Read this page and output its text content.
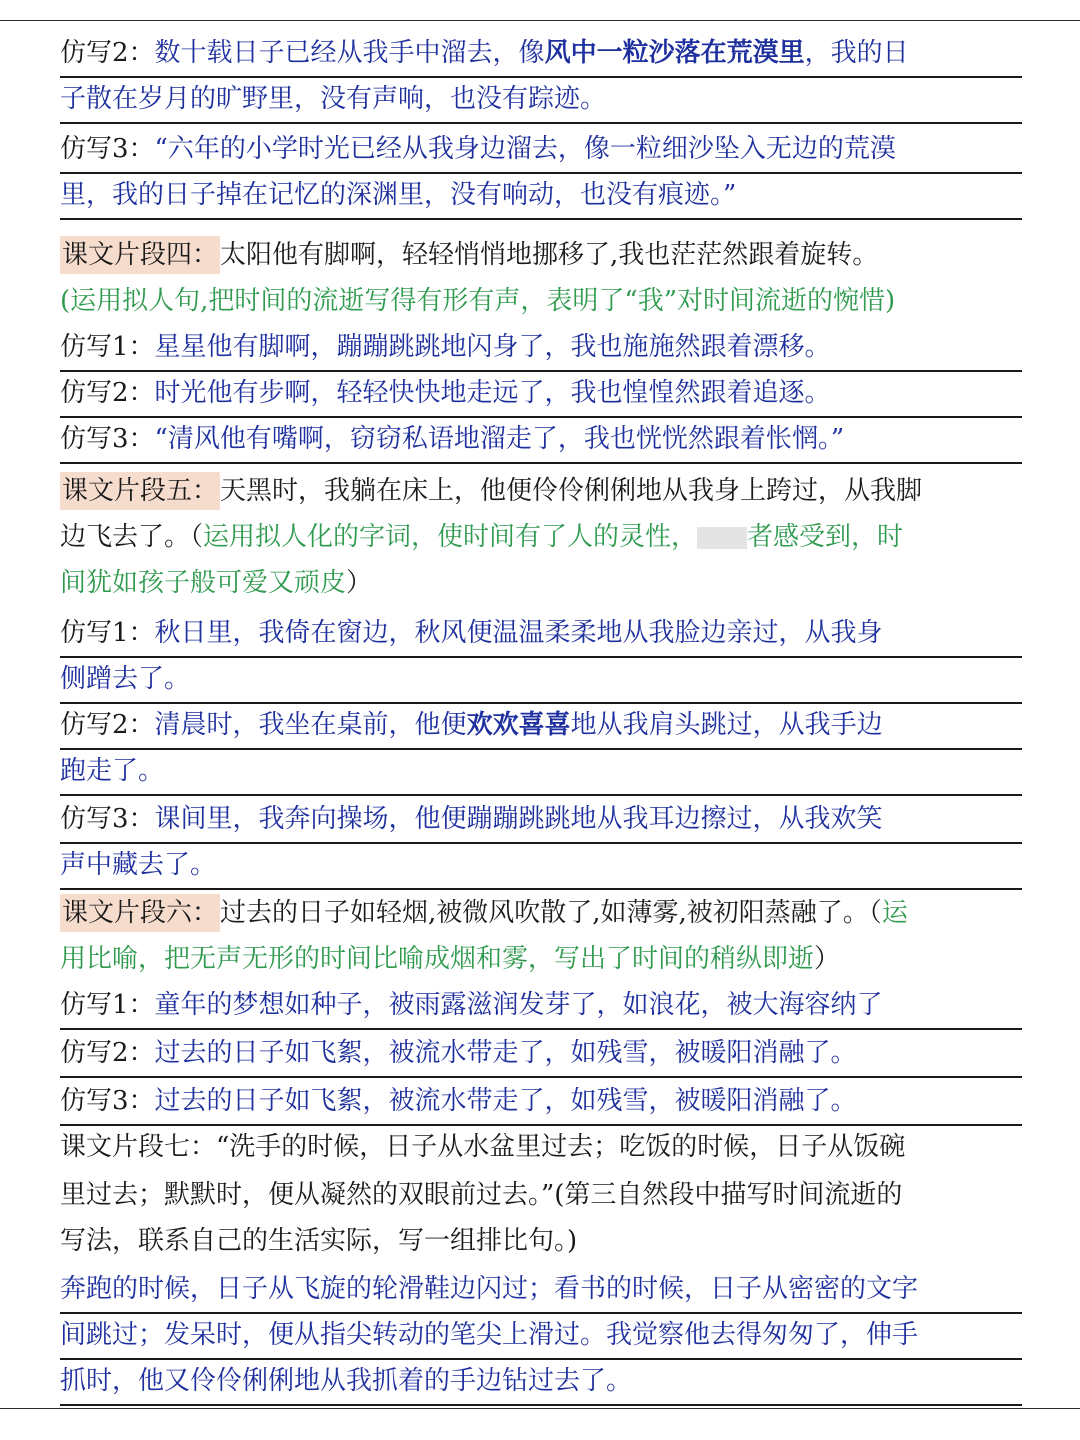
仿写2：数十载日子已经从我手中溜去，像风中一粒沙落在荒漠里，我的日
子散在岁月的旷野里，没有声响，也没有踪迹。
仿写3：“六年的小学时光已经从我身边溜去，像一粒细沙坠入无边的荒漠
里，我的日子掉在记忆的深渊里，没有响动，也没有痕迹。”
课文片段四：太阳他有脚啊，轻轻悄悄地挪移了,我也茫茫然跟着旋转。
(运用拟人句,把时间的流逝写得有形有声，表明了“我”对时间流逝的惋惜)
仿写1：星星他有脚啊，蹦蹦跳跳地闪身了，我也施施然跟着漂移。
仿写2：时光他有步啊，轻轻快快地走远了，我也惶惶然跟着追逐。
仿写3：“清风他有嘴啊，窃窃私语地溜走了，我也恍恍然跟着怅惘。”
课文片段五：天黑时，我躺在床上，他便伶伶俐俐地从我身上跨过，从我脚
边飞去了。（运用拟人化的字词，使时间有了人的灵性， 者感受到，时
间犹如孩子般可爱又顽皮）
仿写1：秋日里，我倚在窗边，秋风便温温柔柔地从我脸边亲过，从我身
侧蹭去了。
仿写2：清晨时，我坐在桌前，他便欢欢喜喜地从我肩头跳过，从我手边
跑走了。
仿写3：课间里，我奔向操场，他便蹦蹦跳跳地从我耳边擦过，从我欢笑
声中藏去了。
课文片段六：过去的日子如轻烟,被微风吹散了,如薄雾,被初阳蒸融了。（运
用比喻，把无声无形的时间比喻成烟和雾，写出了时间的稍纵即逝）
仿写1：童年的梦想如种子，被雨露滋润发芽了，如浪花，被大海容纳了
仿写2：过去的日子如飞絮，被流水带走了，如残雪，被暖阳消融了。
仿写3：过去的日子如飞絮，被流水带走了，如残雪，被暖阳消融了。
课文片段七：“洗手的时候，日子从水盆里过去；吃饭的时候，日子从饭碗
里过去；默默时，便从凝然的双眼前过去。”(第三自然段中描写时间流逝的
写法，联系自己的生活实际，写一组排比句。)
奔跑的时候，日子从飞旋的轮滑鞋边闪过；看书的时候，日子从密密的文字
间跳过；发呆时，便从指尖转动的笔尖上滑过。我觉察他去得匆匆了，伸手
抓时，他又伶伶俐俐地从我抓着的手边钻过去了。
